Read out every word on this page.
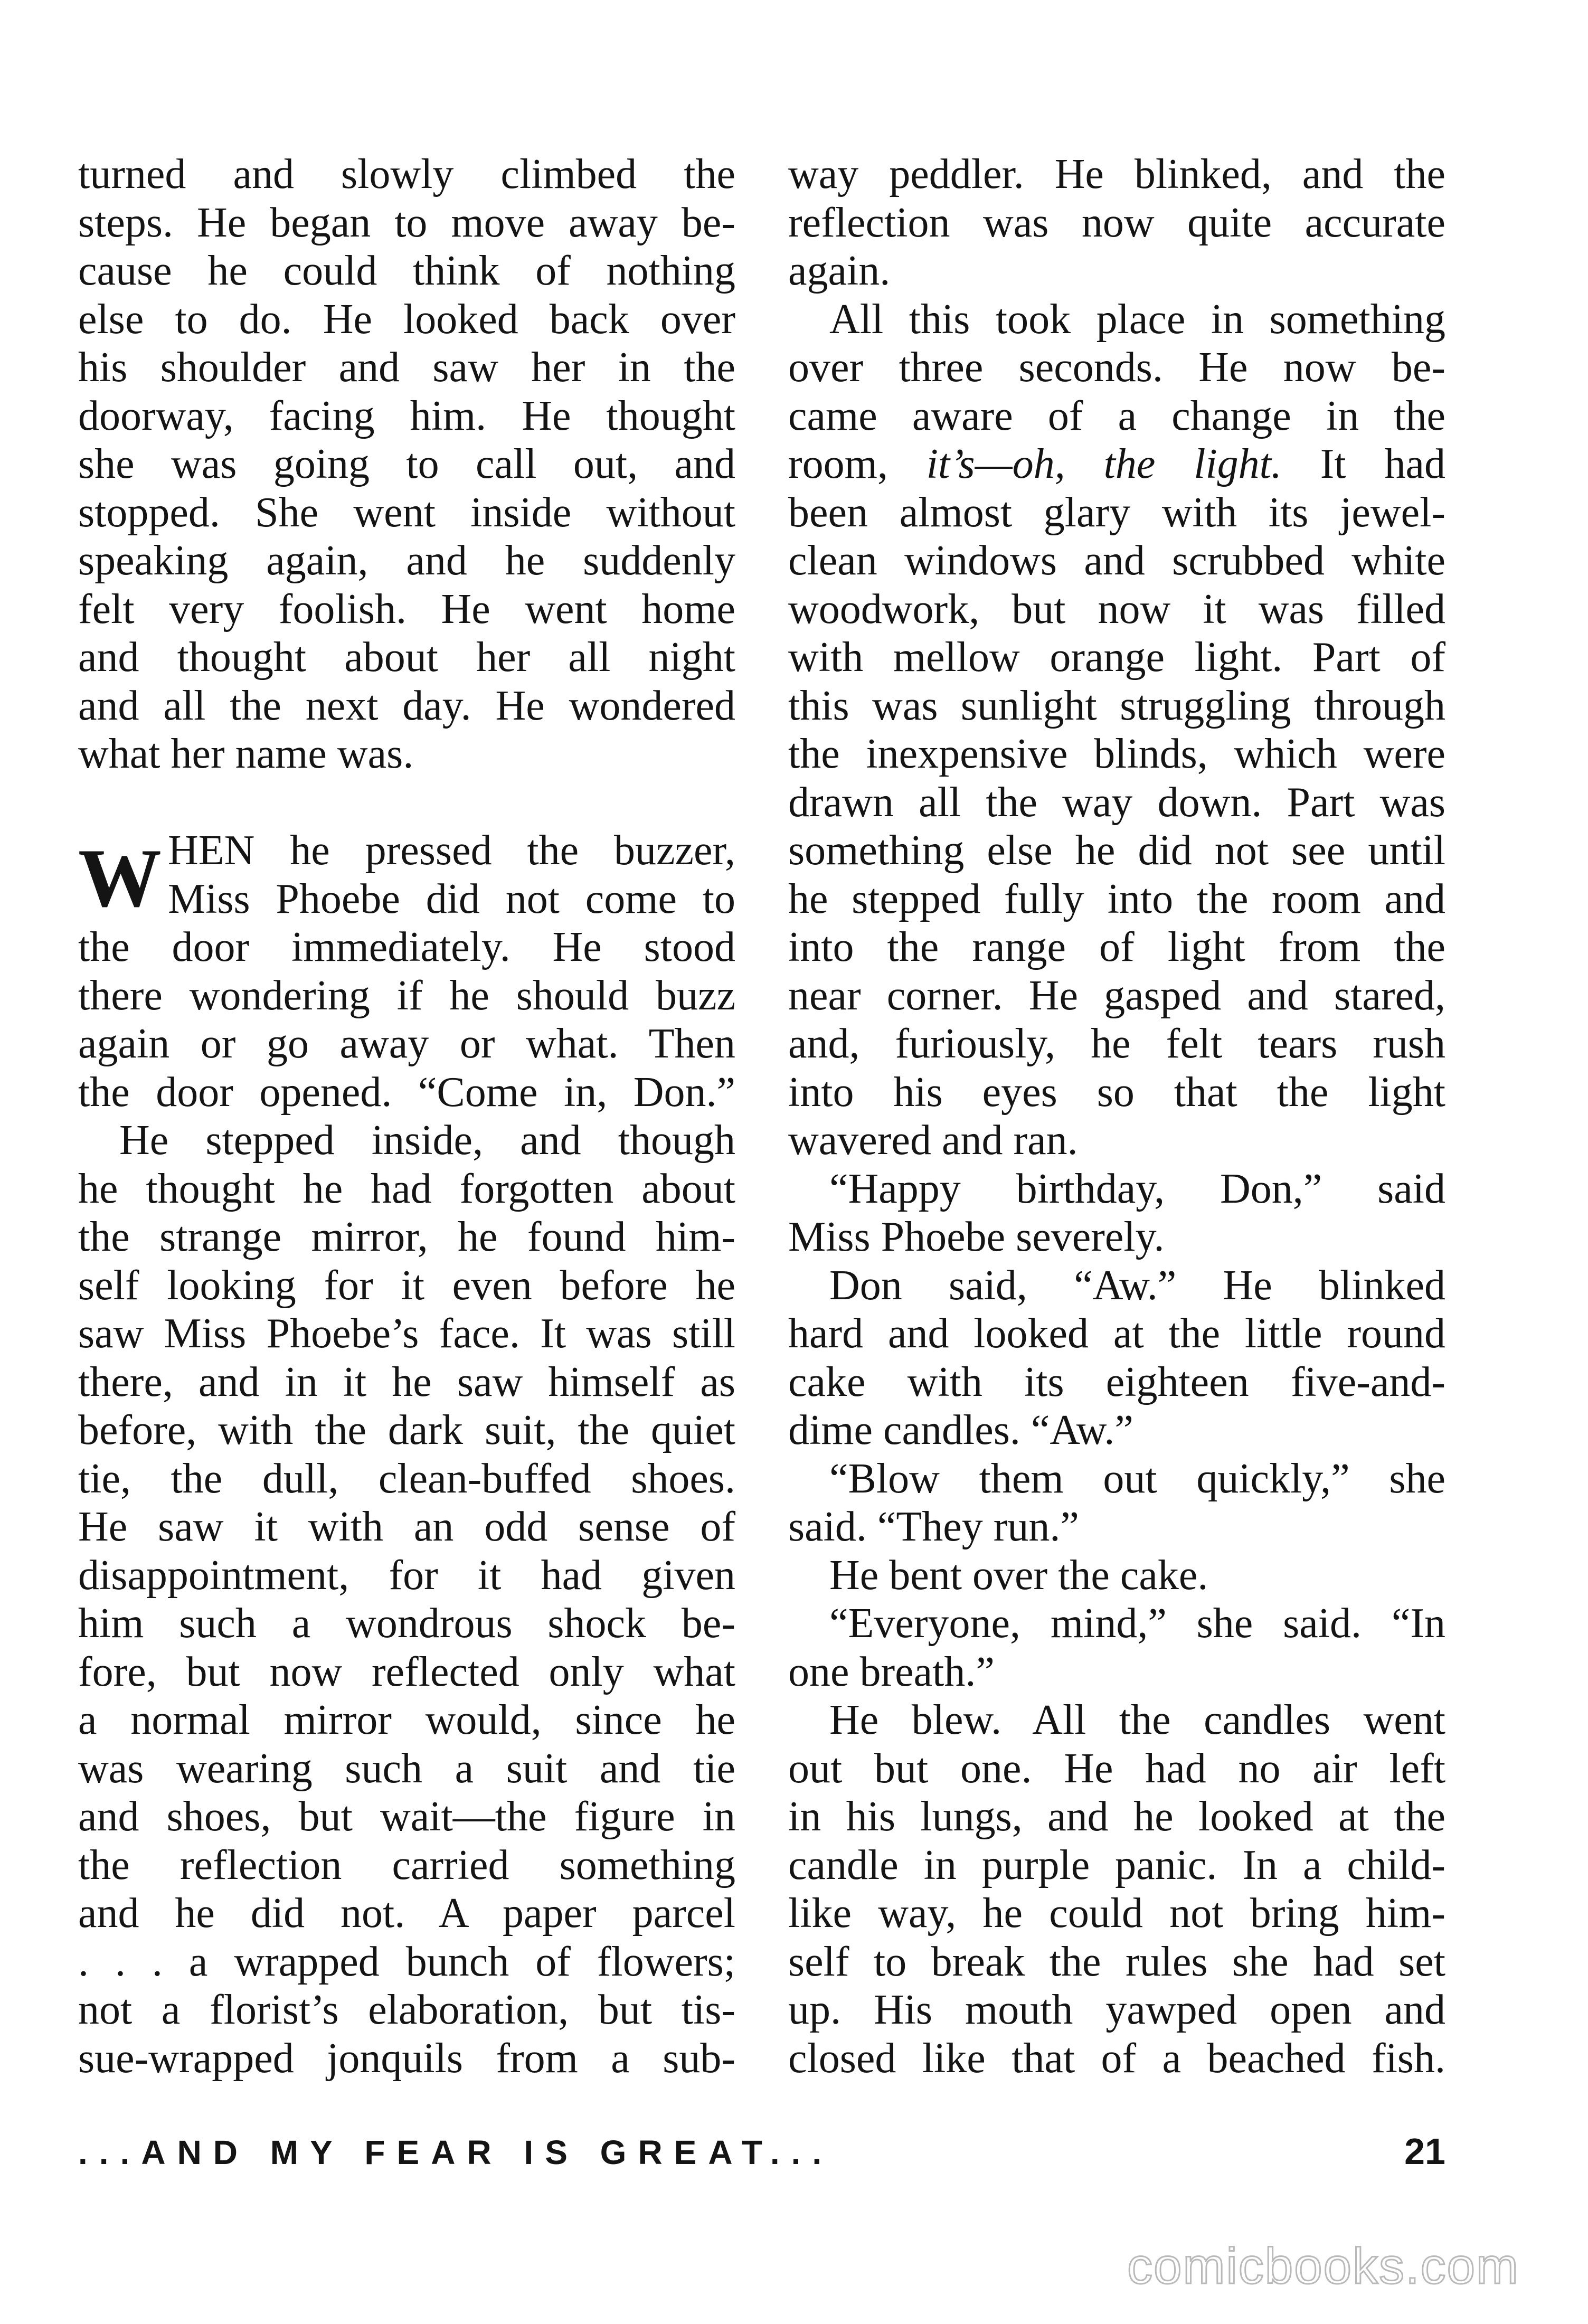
turned and slowly climbed the
steps. He began to move away be-
cause he could think of nothing
else to do. He looked back over
his shoulder and saw her in the
doorway, facing him. He thought
she was going to call out, and
stopped. She went inside without
speaking again, and he suddenly
felt very foolish. He went home
and thought about her all night
and all the next day. He wondered
what her name was.
W HEN he pressed the buzzer,
Miss Phoebe did not come to
the door immediately. He stood
there wondering if he should buzz
again or go away or what. Then
the door opened. “Come in, Don.”
He stepped inside, and though
he thought he had forgotten about
the strange mirror, he found him-
self looking for it even before he
saw Miss Phoebe’s face. It was still
there, and in it he saw himself as
before, with the dark suit, the quiet
tie, the dull, clean-buffed shoes.
He saw it with an odd sense of
disappointment, for it had given
him such a wondrous shock be-
fore, but now reflected only what
a normal mirror would, since he
was wearing such a suit and tie
and shoes, but wait—the figure in
the reflection carried something
and he did not. A paper parcel
. . . a wrapped bunch of flowers;
not a florist’s elaboration, but tis-
sue-wrapped jonquils from a sub-
way peddler. He blinked, and the
reflection was now quite accurate
again.
All this took place in something
over three seconds. He now be-
came aware of a change in the
room, it’s—oh, the light. It had
been almost glary with its jewel-
clean windows and scrubbed white
woodwork, but now it was filled
with mellow orange light. Part of
this was sunlight struggling through
the inexpensive blinds, which were
drawn all the way down. Part was
something else he did not see until
he stepped fully into the room and
into the range of light from the
near corner. He gasped and stared,
and, furiously, he felt tears rush
into his eyes so that the light
wavered and ran.
“Happy birthday, Don,” said
Miss Phoebe severely.
Don said, “Aw.” He blinked
hard and looked at the little round
cake with its eighteen five-and-
dime candles. “Aw.”
“Blow them out quickly,” she
said. “They run.”
He bent over the cake.
“Everyone, mind,” she said. “In
one breath.”
He blew. All the candles went
out but one. He had no air left
in his lungs, and he looked at the
candle in purple panic. In a child-
like way, he could not bring him-
self to break the rules she had set
up. His mouth yawped open and
closed like that of a beached fish.
...AND MY FEAR IS GREAT...	21
comicbooks.com
